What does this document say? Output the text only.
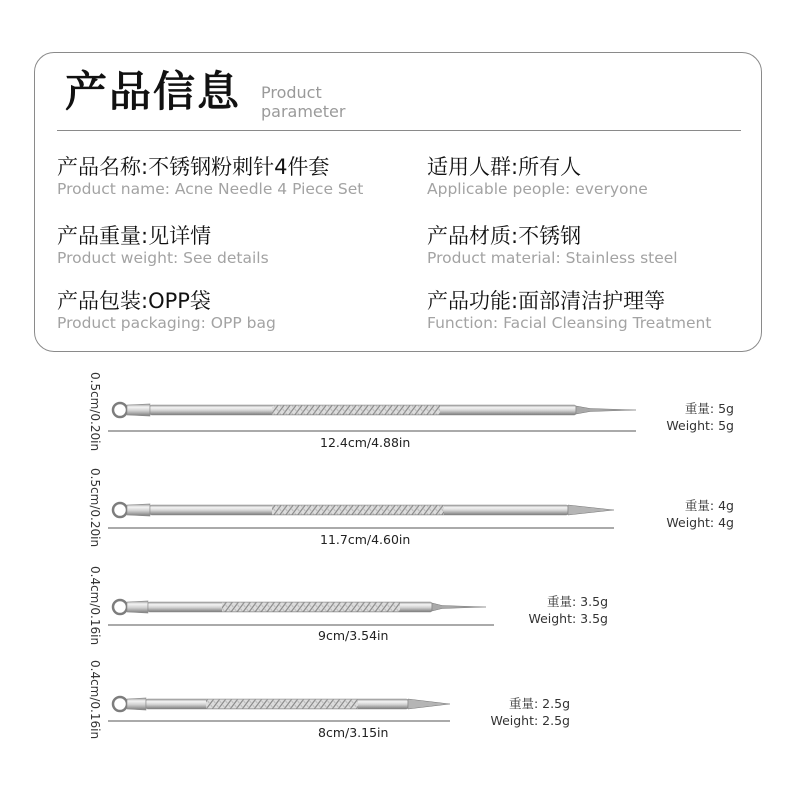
产品信息 Product
parameter
产品名称:不锈钢粉刺针4件套
Product name: Acne Needle 4 Piece Set
适用人群:所有人
Applicable people: everyone
产品重量:见详情
Product weight: See details
产品材质:不锈钢
Product material: Stainless steel
产品包装:OPP袋
Product packaging: OPP bag
产品功能:面部清洁护理等
Function: Facial Cleansing Treatment
0.5cm/0.20in
0.5cm/0.20in
0.4cm/0.16in
0.4cm/0.16in
12.4cm/4.88in
11.7cm/4.60in
9cm/3.54in
8cm/3.15in
重量: 5g
Weight: 5g
重量: 4g
Weight: 4g
重量: 3.5g
Weight: 3.5g
重量: 2.5g
Weight: 2.5g
